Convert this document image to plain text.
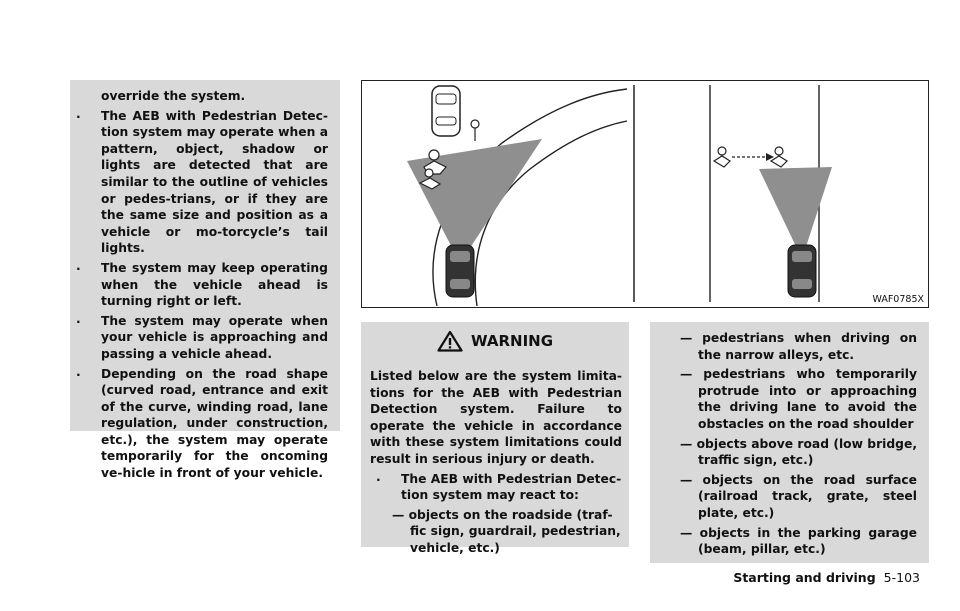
override the system.
. The AEB with Pedestrian Detec-tion system may operate when a pattern, object, shadow or lights are detected that are similar to the outline of vehicles or pedes-trians, or if they are the same size and position as a vehicle or mo-torcycle’s tail lights.
. The system may keep operating when the vehicle ahead is turning right or left.
. The system may operate when your vehicle is approaching and passing a vehicle ahead.
. Depending on the road shape (curved road, entrance and exit of the curve, winding road, lane regulation, under construction, etc.), the system may operate temporarily for the oncoming ve-hicle in front of your vehicle.
WAF0785X
WARNING
Listed below are the system limita-tions for the AEB with Pedestrian Detection system. Failure to operate the vehicle in accordance with these system limitations could result in serious injury or death.
. The AEB with Pedestrian Detec-tion system may react to:
— objects on the roadside (traf-fic sign, guardrail, pedestrian, vehicle, etc.)
— pedestrians when driving on the narrow alleys, etc.
— pedestrians who temporarily protrude into or approaching the driving lane to avoid the obstacles on the road shoulder
— objects above road (low bridge, traffic sign, etc.)
— objects on the road surface (railroad track, grate, steel plate, etc.)
— objects in the parking garage (beam, pillar, etc.)
Starting and driving 5-103
